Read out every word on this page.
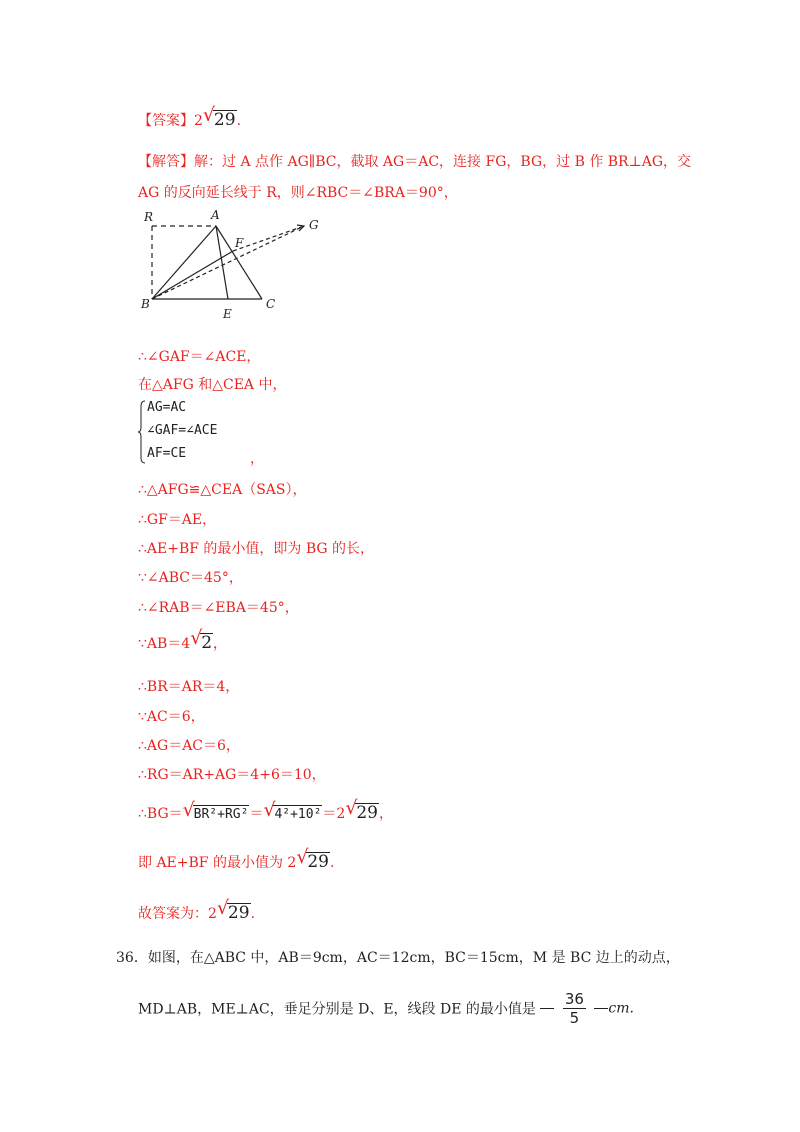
【答案】2 √ 29.
【解答】解：过 A 点作 AG∥BC，截取 AG＝AC，连接 FG，BG，过 B 作 BR⊥AG，交
AG 的反向延长线于 R，则∠RBC＝∠BRA＝90°，
R	A
G
F
B
E
C
∴∠GAF＝∠ACE，
在△AFG 和△CEA 中，
AG=AC
∠GAF=∠ACE
AF=CE	，
∴△AFG≌△CEA（SAS），
∴GF＝AE，
∴AE+BF 的最小值，即为 BG 的长，
∵∠ABC＝45°，
∴∠RAB＝∠EBA＝45°，
∵AB＝4 √ 2，
∴BR＝AR＝4，
∵AC＝6，
∴AG＝AC＝6，
∴RG＝AR+AG＝4+6＝10，
∴BG＝ √ BR²+RG²＝ √ 4²+10²＝2 √ 29，
即 AE+BF 的最小值为 2 √ 29.
故答案为：2 √ 29.
36．如图，在△ABC 中，AB＝9cm，AC＝12cm，BC＝15cm，M 是 BC 边上的动点，
MD⊥AB，ME⊥AC，垂足分别是 D、E，线段 DE 的最小值是 $\frac{36}{5}$ cm.
